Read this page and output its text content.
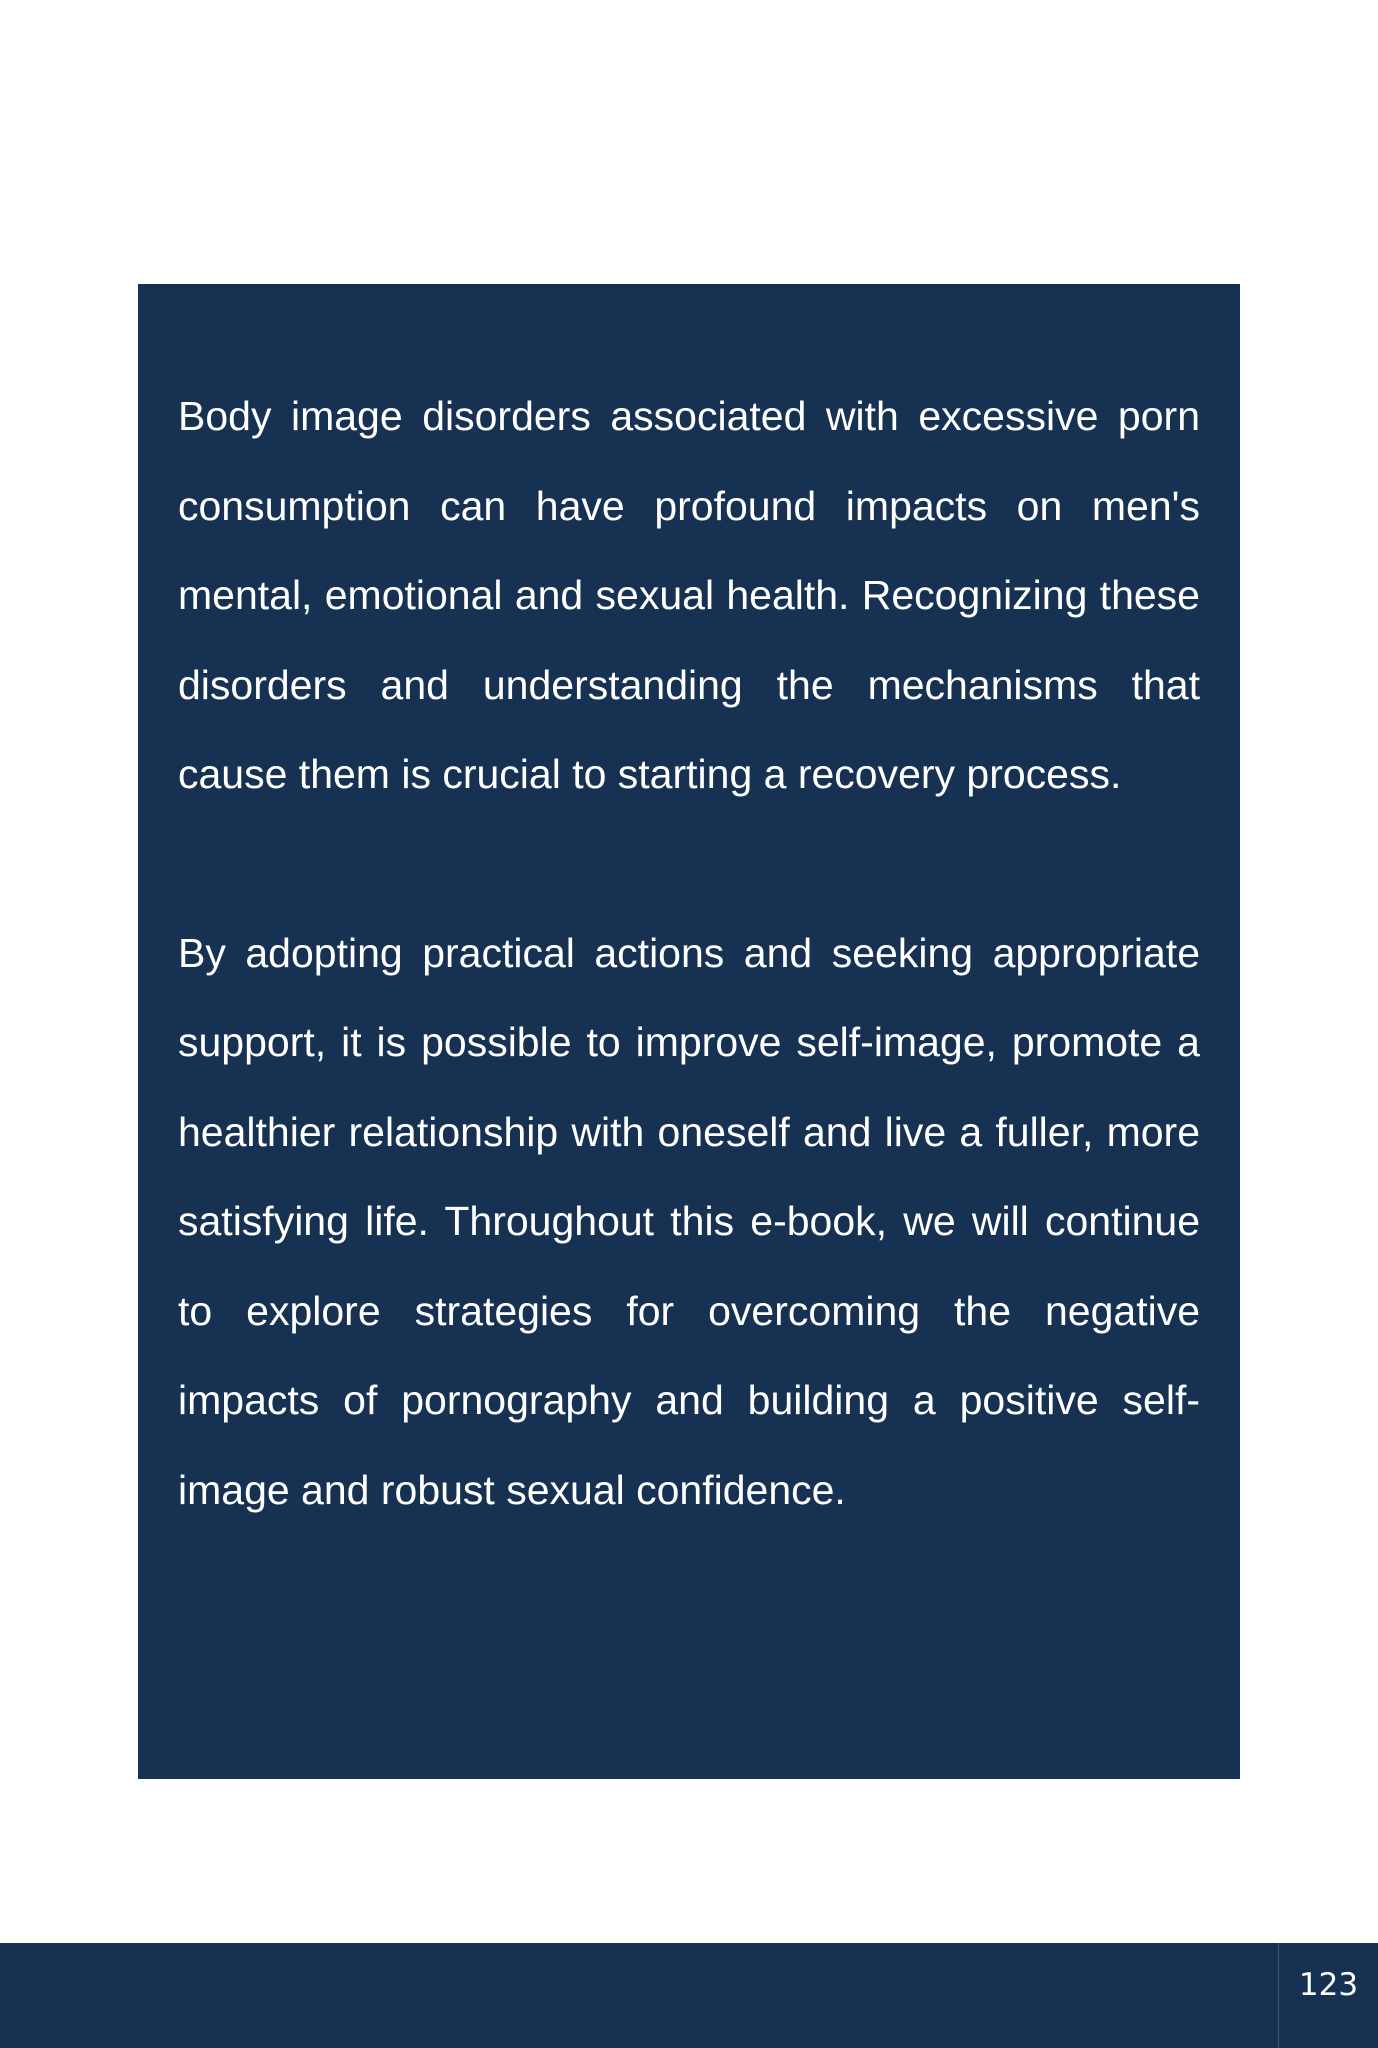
Body image disorders associated with excessive porn consumption can have profound impacts on men's mental, emotional and sexual health. Recognizing these disorders and understanding the mechanisms that cause them is crucial to starting a recovery process.

By adopting practical actions and seeking appropriate support, it is possible to improve self-image, promote a healthier relationship with oneself and live a fuller, more satisfying life. Throughout this e-book, we will continue to explore strategies for overcoming the negative impacts of pornography and building a positive self-image and robust sexual confidence.

123
